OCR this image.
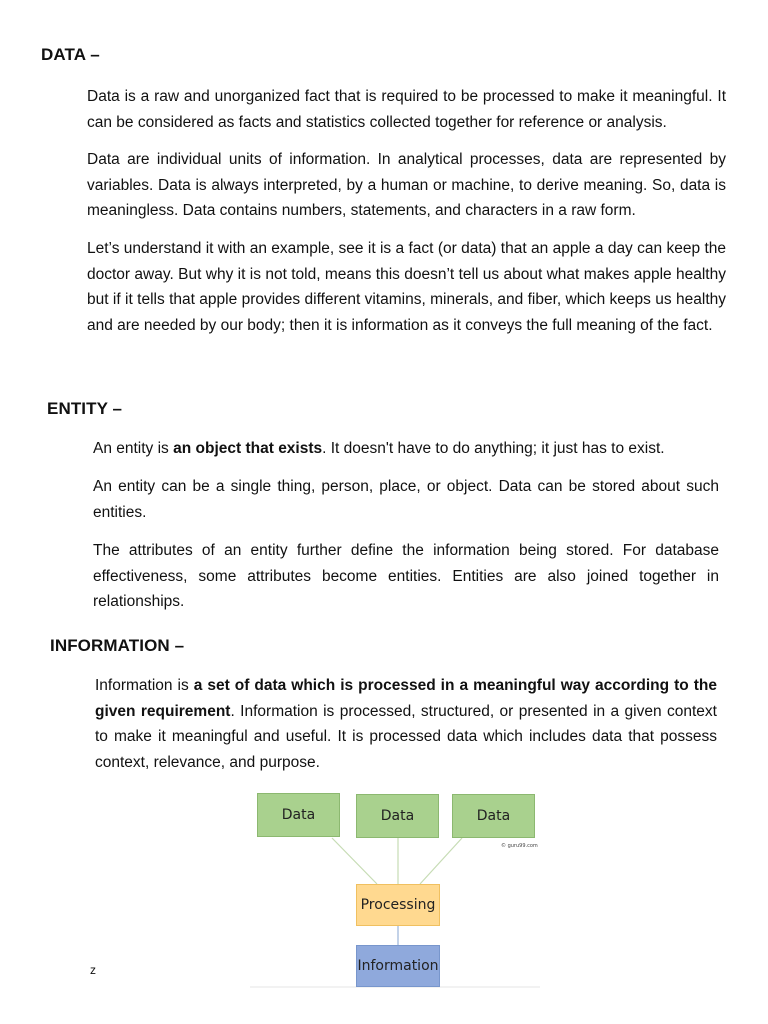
DATA –

Data is a raw and unorganized fact that is required to be processed to make it meaningful. It can be considered as facts and statistics collected together for reference or analysis.

Data are individual units of information. In analytical processes, data are represented by variables. Data is always interpreted, by a human or machine, to derive meaning. So, data is meaningless. Data contains numbers, statements, and characters in a raw form.

Let’s understand it with an example, see it is a fact (or data) that an apple a day can keep the doctor away. But why it is not told, means this doesn’t tell us about what makes apple healthy but if it tells that apple provides different vitamins, minerals, and fiber, which keeps us healthy and are needed by our body; then it is information as it conveys the full meaning of the fact.

ENTITY –

An entity is an object that exists. It doesn't have to do anything; it just has to exist.

An entity can be a single thing, person, place, or object. Data can be stored about such entities.

The attributes of an entity further define the information being stored. For database effectiveness, some attributes become entities. Entities are also joined together in relationships.

INFORMATION –

Information is a set of data which is processed in a meaningful way according to the given requirement. Information is processed, structured, or presented in a given context to make it meaningful and useful. It is processed data which includes data that possess context, relevance, and purpose.

Data	Data	Data
© guru99.com
Processing
Information
z
